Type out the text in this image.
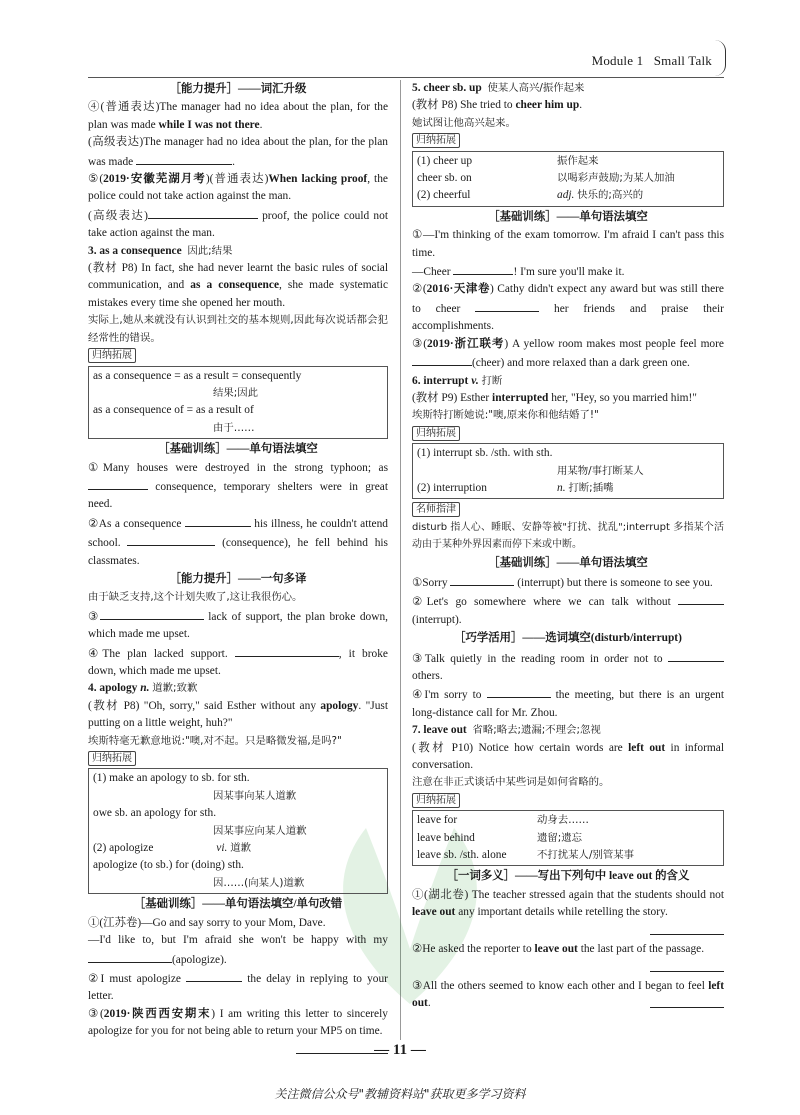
Module 1 Small Talk

［能力提升］——词汇升级

④(普通表达)The manager had no idea about the plan, for the plan was made while I was not there.

(高级表达)The manager had no idea about the plan, for the plan was made	.

⑤(2019·安徽芜湖月考)(普通表达)When lacking proof, the police could not take action against the man.

(高级表达)	proof, the police could not take action against the man.

3. as a consequence 因此;结果

(教材 P8) In fact, she had never learnt the basic rules of social communication, and as a consequence, she made systematic mistakes every time she opened her mouth.

实际上,她从来就没有认识到社交的基本规则,因此每次说话都会犯经常性的错误。

归纳拓展
as a consequence = as a result = consequently
结果;因此
as a consequence of = as a result of
由于……

［基础训练］——单句语法填空

①Many houses were destroyed in the strong typhoon; as  consequence, temporary shelters were in great need.

②As a consequence	his illness, he couldn't attend school.	(consequence), he fell behind his classmates.

［能力提升］——一句多译

由于缺乏支持,这个计划失败了,这让我很伤心。

③	lack of support, the plan broke down, which made me upset.

④The plan lacked support.	, it broke down, which made me upset.

4. apology n. 道歉;致歉

(教材 P8) "Oh, sorry," said Esther without any apology. "Just putting on a little weight, huh?"

埃斯特毫无歉意地说:"噢,对不起。只是略微发福,是吗?"

归纳拓展
(1) make an apology to sb. for sth.
因某事向某人道歉
owe sb. an apology for sth.
因某事应向某人道歉
(2) apologize	vi. 道歉
apologize (to sb.) for (doing) sth.
因……(向某人)道歉

［基础训练］——单句语法填空/单句改错

①(江苏卷)—Go and say sorry to your Mom, Dave.

—I'd like to, but I'm afraid she won't be happy with my (apologize).

②I must apologize	the delay in replying to your letter.

③(2019·陕西西安期末) I am writing this letter to sincerely apologize for you for not being able to return your MP5 on time.

5. cheer sb. up 使某人高兴/振作起来

(教材 P8) She tried to cheer him up.

她试图让他高兴起来。

归纳拓展
(1) cheer up	振作起来
cheer sb. on	以喝彩声鼓励;为某人加油
(2) cheerful	adj.
快乐的;高兴的

［基础训练］——单句语法填空

①—I'm thinking of the exam tomorrow. I'm afraid I can't pass this time.

—Cheer	! I'm sure you'll make it.

②(2016·天津卷) Cathy didn't expect any award but was still there to cheer	her friends and praise their accomplishments.

③(2019·浙江联考) A yellow room makes most people feel more (cheer) and more relaxed than a dark green one.

6. interrupt v. 打断

(教材 P9) Esther interrupted her, "Hey, so you married him!"

埃斯特打断她说:"噢,原来你和他结婚了!"

归纳拓展
(1) interrupt sb. /sth. with sth.
用某物/事打断某人
(2) interruption	n.
打断;插嘴
名师指津

disturb 指人心、睡眠、安静等被"打扰、扰乱";interrupt 多指某个活动由于某种外界因素而停下来或中断。

［基础训练］——单句语法填空

①Sorry	(interrupt) but there is someone to see you.

②Let's go somewhere where we can talk without  (interrupt).

［巧学活用］——选词填空(disturb/interrupt)

③Talk quietly in the reading room in order not to  others.

④I'm sorry to	the meeting, but there is an urgent long-distance call for Mr. Zhou.

7. leave out 省略;略去;遗漏;不理会;忽视

(教材 P10) Notice how certain words are left out in informal conversation.

注意在非正式谈话中某些词是如何省略的。

归纳拓展
leave for	动身去……
leave behind	遗留;遗忘
leave sb. /sth. alone	不打扰某人/别管某事

［一词多义］——写出下列句中 leave out 的含义

①(湖北卷) The teacher stressed again that the students should not leave out any important details while retelling the story.

②He asked the reporter to leave out the last part of the passage.

③All the others seemed to know each other and I began to feel left out.

— 11 —
关注微信公众号"教辅资料站"获取更多学习资料
